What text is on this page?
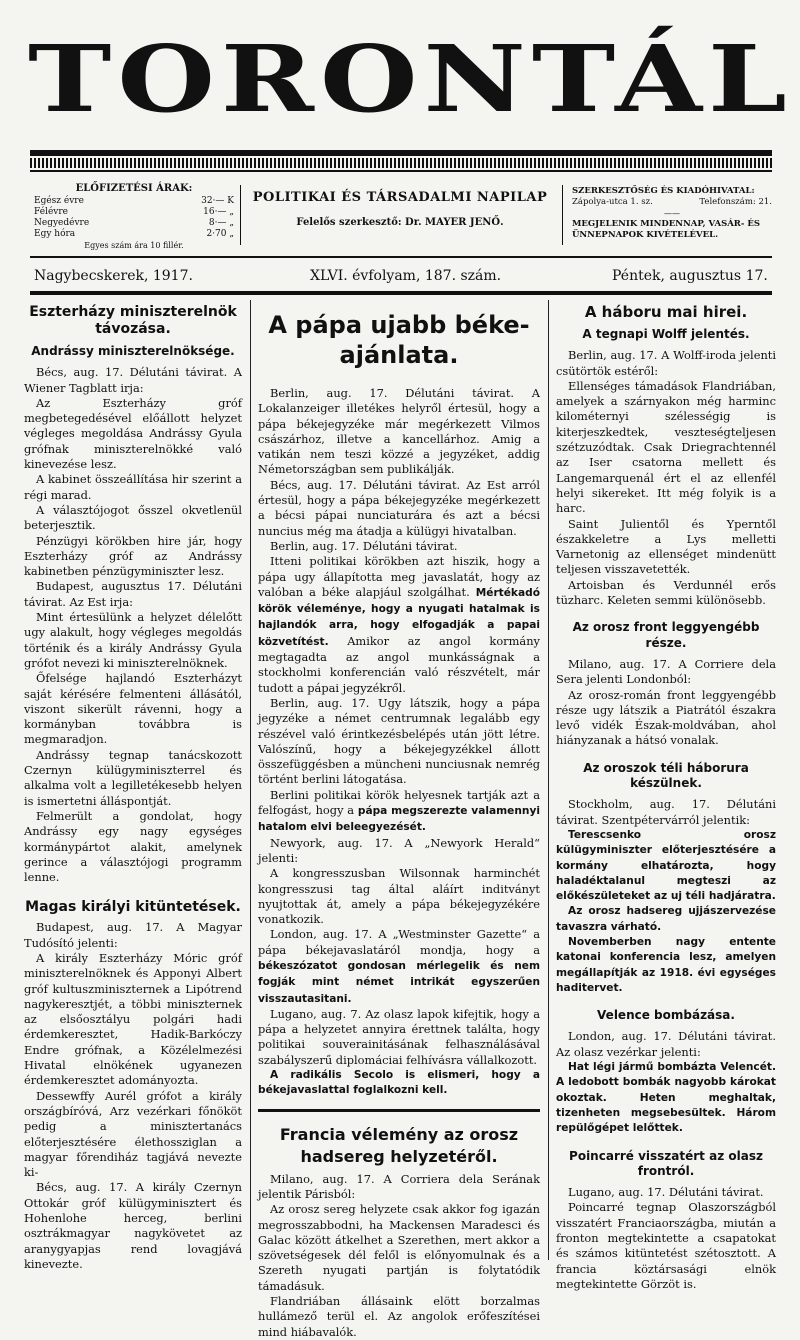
TORONTÁL
ELŐFIZETÉSI ÁRAK:
Egész évre	32·— K
Félévre	16·— „
Negyedévre	8·— „
Egy hóra	2·70 „
Egyes szám ára 10 fillér.
POLITIKAI ÉS TÁRSADALMI NAPILAP
Felelős szerkesztő: Dr. MAYER JENŐ.
SZERKESZTŐSÉG ÉS KIADÓHIVATAL:
Zápolya-utca 1. sz.	Telefonszám: 21.
——
MEGJELENIK MINDENNAP, VASÁR- ÉS ÜNNEPNAPOK KIVÉTELÉVEL.
Nagybecskerek, 1917.	XLVI. évfolyam, 187. szám.	Péntek, augusztus 17.
Eszterházy miniszterelnök távozása.
Andrássy miniszterelnöksége.

Bécs, aug. 17. Délutáni távirat. A Wiener Tagblatt irja:

Az Eszterházy gróf megbetegedésével előállott helyzet végleges megoldása Andrássy Gyula grófnak miniszterelnökké való kinevezése lesz.

A kabinet összeállítása hir szerint a régi marad.

A választójogot ősszel okvetlenül beterjesztik.

Pénzügyi körökben hire jár, hogy Eszterházy gróf az Andrássy kabinetben pénzügyminiszter lesz.

Budapest, augusztus 17. Délutáni távirat. Az Est irja:

Mint értesülünk a helyzet délelőtt ugy alakult, hogy végleges megoldás történik és a király Andrássy Gyula grófot nevezi ki miniszterelnöknek.

Őfelsége hajlandó Eszterházyt saját kérésére felmenteni állásától, viszont sikerült rávenni, hogy a kormányban továbbra is megmaradjon.

Andrássy tegnap tanácskozott Czernyn külügyminiszterrel és alkalma volt a legilletékesebb helyen is ismertetni álláspontját.

Felmerült a gondolat, hogy Andrássy egy nagy egységes kormánypártot alakit, amelynek gerince a választójogi programm lenne.

Magas királyi kitüntetések.

Budapest, aug. 17. A Magyar Tudósító jelenti:

A király Eszterházy Móric gróf miniszterelnöknek és Apponyi Albert gróf kultuszminiszternek a Lipótrend nagykeresztjét, a többi miniszternek az elsőosztályu polgári hadi érdemkeresztet, Hadik-Barkóczy Endre grófnak, a Közélelmezési Hivatal elnökének ugyanezen érdemkeresztet adományozta.

Dessewffy Aurél grófot a király országbíróvá, Arz vezérkari főnököt pedig a minisztertanács előterjesztésére élethossziglan a magyar főrendiház tagjává nevezte ki-

Bécs, aug. 17. A király Czernyn Ottokár gróf külügyminisztert és Hohenlohe herceg, berlini osztrákmagyar nagykövetet az aranygyapjas rend lovagjává kinevezte.

A pápa ujabb béke-ajánlata.

Berlin, aug. 17. Délutáni távirat. A Lokalanzeiger illetékes helyről értesül, hogy a pápa békejegyzéke már megérkezett Vilmos császárhoz, illetve a kancellárhoz. Amig a vatikán nem teszi közzé a jegyzéket, addig Németországban sem publikálják.

Bécs, aug. 17. Délutáni távirat. Az Est arról értesül, hogy a pápa békejegyzéke megérkezett a bécsi pápai nunciaturára és azt a bécsi nuncius még ma átadja a külügyi hivatalban.

Berlin, aug. 17. Délutáni távirat.

Itteni politikai körökben azt hiszik, hogy a pápa ugy állapította meg javaslatát, hogy az valóban a béke alapjául szolgálhat. Mértékadó körök véleménye, hogy a nyugati hatalmak is hajlandók arra, hogy elfogadják a papai közvetítést. Amikor az angol kormány megtagadta az angol munkásságnak a stockholmi konferencián való részvételt, már tudott a pápai jegyzékről.

Berlin, aug. 17. Ugy látszik, hogy a pápa jegyzéke a német centrumnak legalább egy részével való érintkezésbelépés után jött létre. Valószínű, hogy a békejegyzékkel állott összefüggésben a müncheni nunciusnak nemrég történt berlini látogatása.

Berlini politikai körök helyesnek tartják azt a felfogást, hogy a pápa megszerezte valamennyi hatalom elvi beleegyezését.

Newyork, aug. 17. A „Newyork Herald“ jelenti:

A kongresszusban Wilsonnak harminchét kongresszusi tag által aláírt inditványt nyujtottak át, amely a pápa békejegyzékére vonatkozik.

London, aug. 17. A „Westminster Gazette“ a pápa békejavaslatáról mondja, hogy a békeszózatot gondosan mérlegelik és nem fogják mint német intrikát egyszerűen visszautasitani.

Lugano, aug. 7. Az olasz lapok kifejtik, hogy a pápa a helyzetet annyira érettnek találta, hogy politikai souverainitásának felhasználásával szabályszerű diplomáciai felhívásra vállalkozott.

A radikális Secolo is elismeri, hogy a békejavaslattal foglalkozni kell.

Francia vélemény az orosz hadsereg helyzetéről.

Milano, aug. 17. A Corriera dela Serának jelentik Párisból:

Az orosz sereg helyzete csak akkor fog igazán megrosszabbodni, ha Mackensen Maradesci és Galac között átkelhet a Szerethen, mert akkor a szövetségesek dél felől is előnyomulnak és a Szereth nyugati partján is folytatódik támadásuk.

Flandriában állásaink elött borzalmas hullámező terül el. Az angolok erőfeszítései mind hiábavalók.

A háboru mai hirei.
A tegnapi Wolff jelentés.

Berlin, aug. 17. A Wolff-iroda jelenti csütörtök estéről:

Ellenséges támadások Flandriában, amelyek a szárnyakon még harminc kilométernyi szélességig is kiterjeszkedtek, veszteségteljesen szétzuzódtak. Csak Driegrachtennél az Iser csatorna mellett és Langemarquenál ért el az ellenfél helyi sikereket. Itt még folyik is a harc.

Saint Julientől és Yperntől északkeletre a Lys melletti Varnetonig az ellenséget mindenütt teljesen visszavetették.

Artoisban és Verdunnél erős tüzharc. Keleten semmi különösebb.

Az orosz front leggyengébb része.

Milano, aug. 17. A Corriere dela Sera jelenti Londonból:

Az orosz-román front leggyengébb része ugy látszik a Piatrától északra levő vidék Észak-moldvában, ahol hiányzanak a hátsó vonalak.

Az oroszok téli háborura készülnek.

Stockholm, aug. 17. Délutáni távirat. Szentpétervárról jelentik:

Terescsenko orosz külügyminiszter előterjesztésére a kormány elhatározta, hogy haladéktalanul megteszi az előkészületeket az uj téli hadjáratra.

Az orosz hadsereg ujjászervezése tavaszra várható.

Novemberben nagy entente katonai konferencia lesz, amelyen megállapítják az 1918. évi egységes haditervet.

Velence bombázása.

London, aug. 17. Délutáni távirat. Az olasz vezérkar jelenti:

Hat légi jármű bombázta Velencét. A ledobott bombák nagyobb károkat okoztak. Heten meghaltak, tizenheten megsebesültek. Három repülőgépet lelőttek.

Poincarré visszatért az olasz frontról.

Lugano, aug. 17. Délutáni távirat.

Poincarré tegnap Olaszországból visszatért Franciaországba, miután a fronton megtekintette a csapatokat és számos kitüntetést szétosztott. A francia köztársasági elnök megtekintette Görzöt is.
